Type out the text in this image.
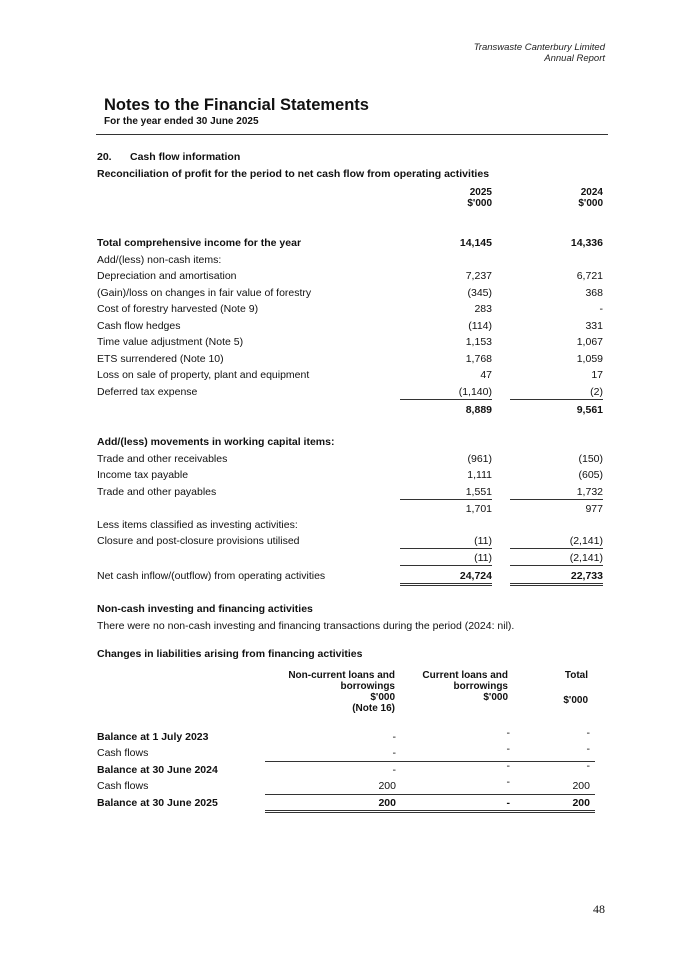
Transwaste Canterbury Limited
Annual Report
Notes to the Financial Statements
For the year ended 30 June 2025
20. Cash flow information
Reconciliation of profit for the period to net cash flow from operating activities
2025
$'000
2024
$'000
Total comprehensive income for the year	14,145	14,336
Add/(less) non-cash items:
Depreciation and amortisation	7,237	6,721
(Gain)/loss on changes in fair value of forestry	(345)	368
Cost of forestry harvested (Note 9)	283	-
Cash flow hedges	(114)	331
Time value adjustment (Note 5)	1,153	1,067
ETS surrendered (Note 10)	1,768	1,059
Loss on sale of property, plant and equipment	47	17
Deferred tax expense	(1,140)	(2)
8,889	9,561
Add/(less) movements in working capital items:
Trade and other receivables	(961)	(150)
Income tax payable	1,111	(605)
Trade and other payables	1,551	1,732
1,701	977
Less items classified as investing activities:
Closure and post-closure provisions utilised	(11)	(2,141)
(11)	(2,141)
Net cash inflow/(outflow) from operating activities	24,724	22,733
Non-cash investing and financing activities
There were no non-cash investing and financing transactions during the period (2024: nil).
Changes in liabilities arising from financing activities
Non-current loans and
borrowings
$'000
(Note 16)
Current loans and
borrowings
$'000
Total
$'000
Balance at 1 July 2023	-	-	-
Cash flows	-	-	-
Balance at 30 June 2024	-	-	-
Cash flows	200	-	200
Balance at 30 June 2025	200	-	200
48
